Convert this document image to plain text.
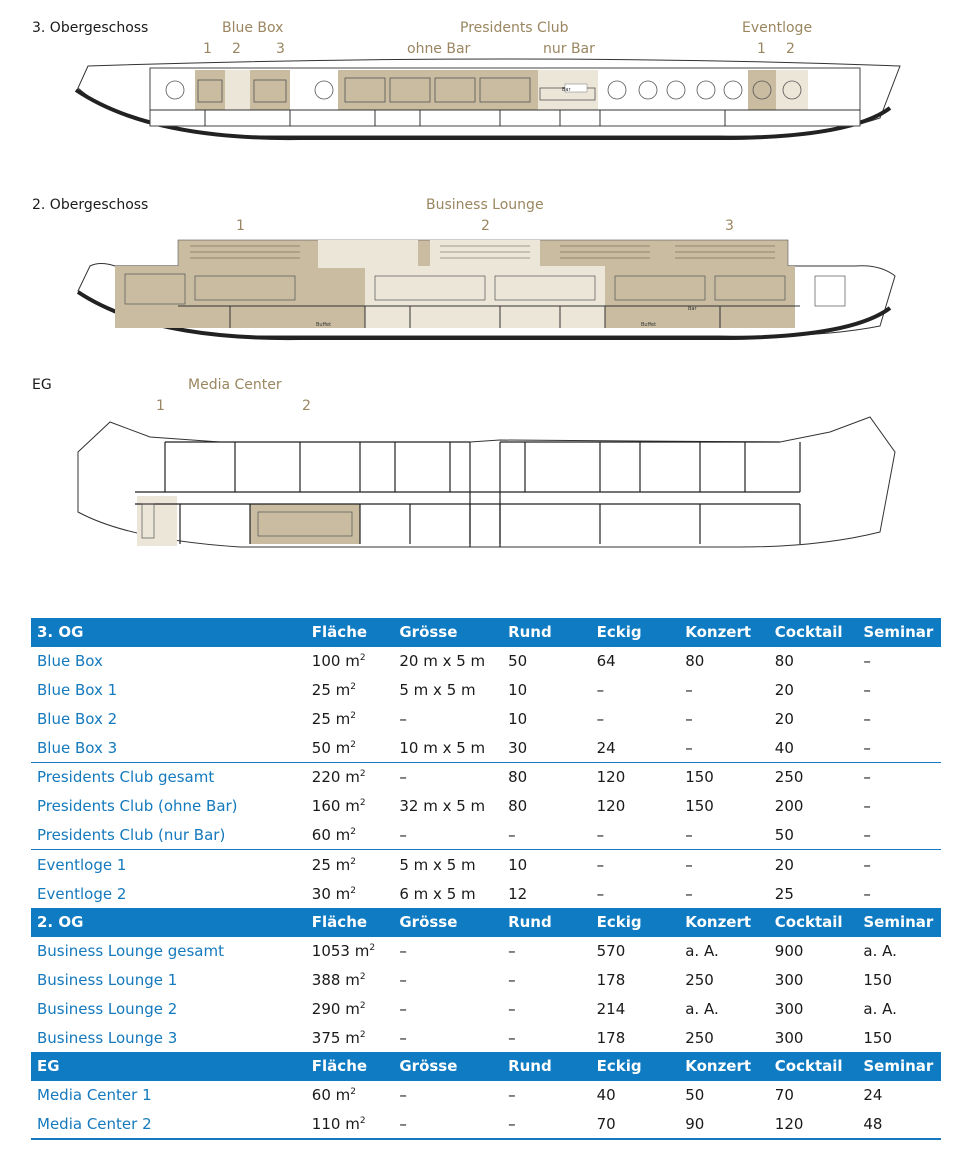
3. Obergeschoss	Blue Box
1 2	3
Presidents Club
ohne Bar	nur Bar
Eventloge
1 2
Bar
2. Obergeschoss	Business Lounge
1	2	3
Buffet	Buffet
Bar
EG	Media Center
1	2
3. OG	Fläche	Grösse	Rund	Eckig	Konzert	Cocktail	Seminar
Blue Box	100 $m^2$	20 m x 5 m	50	64	80	80	–
Blue Box 1	25 $m^2$	5 m x 5 m	10	–	–	20	–
Blue Box 2	25 $m^2$	–	10	–	–	20	–
Blue Box 3	50 $m^2$	10 m x 5 m	30	24	–	40	–
Presidents Club gesamt	220 $m^2$	–	80	120	150	250	–
Presidents Club (ohne Bar)	160 $m^2$	32 m x 5 m	80	120	150	200	–
Presidents Club (nur Bar)	60 $m^2$	–	–	–	–	50	–
Eventloge 1	25 $m^2$	5 m x 5 m	10	–	–	20	–
Eventloge 2	30 $m^2$	6 m x 5 m	12	–	–	25	–
2. OG	Fläche	Grösse	Rund	Eckig	Konzert	Cocktail	Seminar
Business Lounge gesamt	1053 $m^2$	–	–	570	a. A.	900	a. A.
Business Lounge 1	388 $m^2$	–	–	178	250	300	150
Business Lounge 2	290 $m^2$	–	–	214	a. A.	300	a. A.
Business Lounge 3	375 $m^2$	–	–	178	250	300	150
EG	Fläche	Grösse	Rund	Eckig	Konzert	Cocktail	Seminar
Media Center 1	60 $m^2$	–	–	40	50	70	24
Media Center 2	110 $m^2$	–	–	70	90	120	48
